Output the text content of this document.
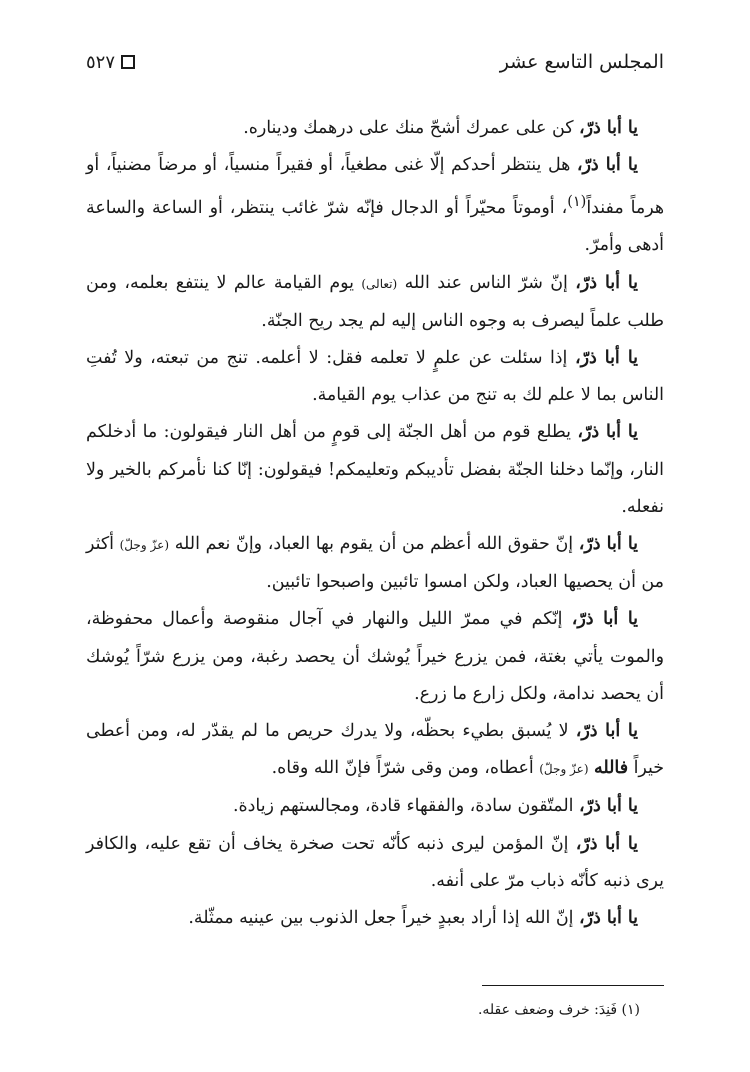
المجلس التاسع عشر
٥٢٧

يا أبا ذرّ، كن على عمرك أشحّ منك على درهمك وديناره.

يا أبا ذرّ، هل ينتظر أحدكم إلّا غنى مطغياً، أو فقيراً منسياً، أو مرضاً مضنياً، أو هرماً مفنداً$^{(١)}$، أوموتاً محيّراً أو الدجال فإنّه شرّ غائب ينتظر، أو الساعة والساعة أدهى وأمرّ.

يا أبا ذرّ، إنّ شرّ الناس عند الله (تعالى) يوم القيامة عالم لا ينتفع بعلمه، ومن طلب علماً ليصرف به وجوه الناس إليه لم يجد ريح الجنّة.

يا أبا ذرّ، إذا سئلت عن علمٍ لا تعلمه فقل: لا أعلمه. تنج من تبعته، ولا تُفتِ الناس بما لا علم لك به تنج من عذاب يوم القيامة.

يا أبا ذرّ، يطلع قوم من أهل الجنّة إلى قومٍ من أهل النار فيقولون: ما أدخلكم النار، وإنّما دخلنا الجنّة بفضل تأديبكم وتعليمكم! فيقولون: إنّا كنا نأمركم بالخير ولا نفعله.

يا أبا ذرّ، إنّ حقوق الله أعظم من أن يقوم بها العباد، وإنّ نعم الله (عزّ وجلّ) أكثر من أن يحصيها العباد، ولكن امسوا تائبين واصبحوا تائبين.

يا أبا ذرّ، إنّكم في ممرّ الليل والنهار في آجال منقوصة وأعمال محفوظة، والموت يأتي بغتة، فمن يزرع خيراً يُوشك أن يحصد رغبة، ومن يزرع شرّاً يُوشك أن يحصد ندامة، ولكل زارع ما زرع.

يا أبا ذرّ، لا يُسبق بطيء بحظّه، ولا يدرك حريص ما لم يقدّر له، ومن أعطى خيراً فالله (عزّ وجلّ) أعطاه، ومن وقى شرّاً فإنّ الله وقاه.

يا أبا ذرّ، المتّقون سادة، والفقهاء قادة، ومجالستهم زيادة.

يا أبا ذرّ، إنّ المؤمن ليرى ذنبه كأنّه تحت صخرة يخاف أن تقع عليه، والكافر يرى ذنبه كأنّه ذباب مرّ على أنفه.

يا أبا ذرّ، إنّ الله إذا أراد بعبدٍ خيراً جعل الذنوب بين عينيه ممثّلة.

(١) فَنِدَ: خرف وضعف عقله.
